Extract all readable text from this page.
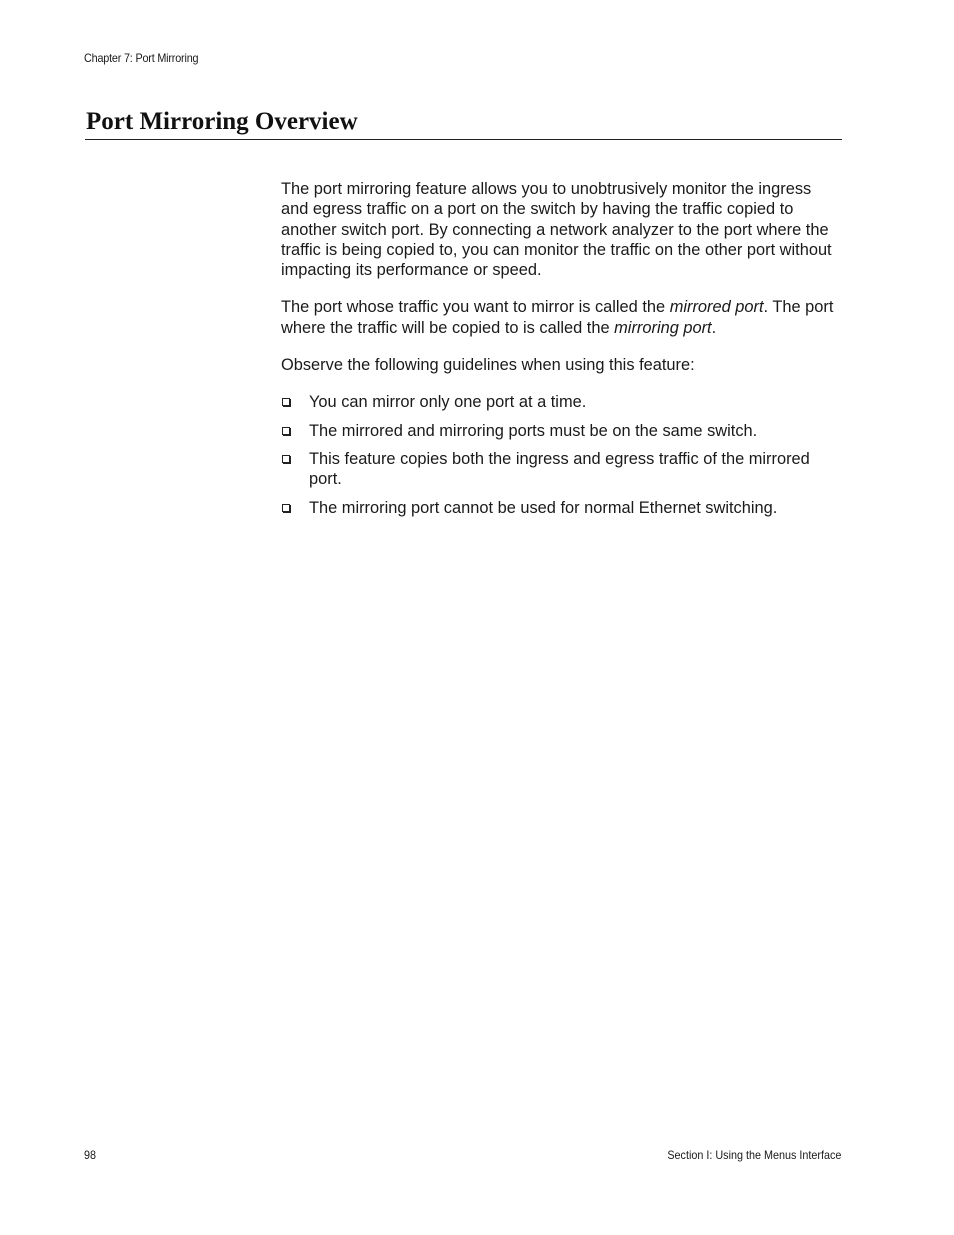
Chapter 7: Port Mirroring
Port Mirroring Overview

The port mirroring feature allows you to unobtrusively monitor the ingress and egress traffic on a port on the switch by having the traffic copied to another switch port. By connecting a network analyzer to the port where the traffic is being copied to, you can monitor the traffic on the other port without impacting its performance or speed.

The port whose traffic you want to mirror is called the mirrored port. The port where the traffic will be copied to is called the mirroring port.

Observe the following guidelines when using this feature:

You can mirror only one port at a time.
The mirrored and mirroring ports must be on the same switch.
This feature copies both the ingress and egress traffic of the mirrored port.
The mirroring port cannot be used for normal Ethernet switching.
98	Section I: Using the Menus Interface
